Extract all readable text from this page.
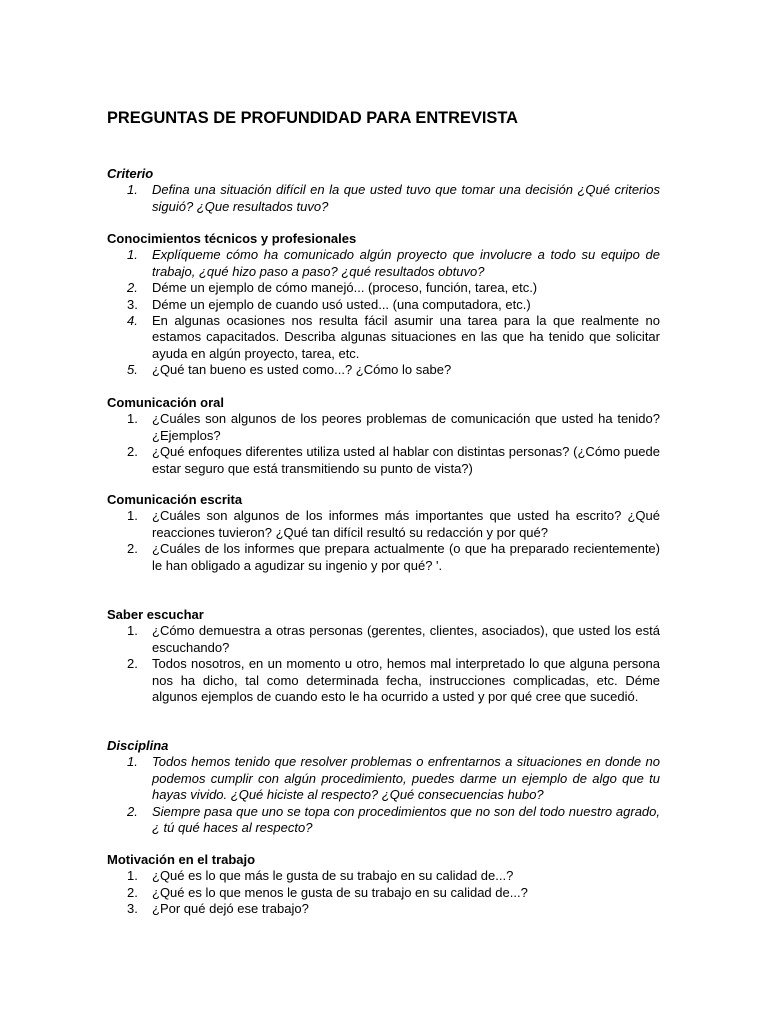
PREGUNTAS DE PROFUNDIDAD PARA ENTREVISTA

Criterio

1. Defina una situación difícil en la que usted tuvo que tomar una decisión ¿Qué criterios siguió? ¿Que resultados tuvo?

Conocimientos técnicos y profesionales

1. Explíqueme cómo ha comunicado algún proyecto que involucre a todo su equipo de trabajo, ¿qué hizo paso a paso? ¿qué resultados obtuvo?
2. Déme un ejemplo de cómo manejó... (proceso, función, tarea, etc.)
3. Déme un ejemplo de cuando usó usted... (una computadora, etc.)
4. En algunas ocasiones nos resulta fácil asumir una tarea para la que realmente no estamos capacitados. Describa algunas situaciones en las que ha tenido que solicitar ayuda en algún proyecto, tarea, etc.
5. ¿Qué tan bueno es usted como...? ¿Cómo lo sabe?

Comunicación oral

1. ¿Cuáles son algunos de los peores problemas de comunicación que usted ha tenido? ¿Ejemplos?
2. ¿Qué enfoques diferentes utiliza usted al hablar con distintas personas? (¿Cómo puede estar seguro que está transmitiendo su punto de vista?)

Comunicación escrita

1. ¿Cuáles son algunos de los informes más importantes que usted ha escrito? ¿Qué reacciones tuvieron? ¿Qué tan difícil resultó su redacción y por qué?
2. ¿Cuáles de los informes que prepara actualmente (o que ha preparado recientemente) le han obligado a agudizar su ingenio y por qué? '.

Saber escuchar

1. ¿Cómo demuestra a otras personas (gerentes, clientes, asociados), que usted los está escuchando?
2. Todos nosotros, en un momento u otro, hemos mal interpretado lo que alguna persona nos ha dicho, tal como determinada fecha, instrucciones complicadas, etc. Déme algunos ejemplos de cuando esto le ha ocurrido a usted y por qué cree que sucedió.

Disciplina

1. Todos hemos tenido que resolver problemas o enfrentarnos a situaciones en donde no podemos cumplir con algún procedimiento, puedes darme un ejemplo de algo que tu hayas vivido. ¿Qué hiciste al respecto? ¿Qué consecuencias hubo?
2. Siempre pasa que uno se topa con procedimientos que no son del todo nuestro agrado, ¿ tú qué haces al respecto?

Motivación en el trabajo

1. ¿Qué es lo que más le gusta de su trabajo en su calidad de...?
2. ¿Qué es lo que menos le gusta de su trabajo en su calidad de...?
3. ¿Por qué dejó ese trabajo?
